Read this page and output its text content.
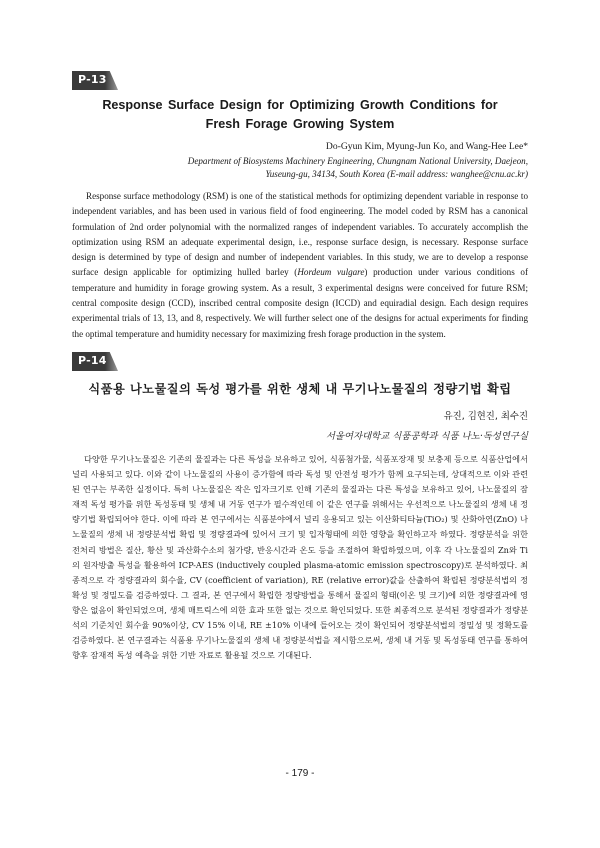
P-13
Response Surface Design for Optimizing Growth Conditions for
Fresh Forage Growing System
Do-Gyun Kim, Myung-Jun Ko, and Wang-Hee Lee*
Department of Biosystems Machinery Engineering, Chungnam National University, Daejeon,
Yuseung-gu, 34134, South Korea (E-mail address: wanghee@cnu.ac.kr)
Response surface methodology (RSM) is one of the statistical methods for optimizing dependent variable in response to independent variables, and has been used in various field of food engineering. The model coded by RSM has a canonical formulation of 2nd order polynomial with the normalized ranges of independent variables. To accurately accomplish the optimization using RSM an adequate experimental design, i.e., response surface design, is necessary. Response surface design is determined by type of design and number of independent variables. In this study, we are to develop a response surface design applicable for optimizing hulled barley (Hordeum vulgare) production under various conditions of temperature and humidity in forage growing system. As a result, 3 experimental designs were conceived for future RSM; central composite design (CCD), inscribed central composite design (ICCD) and equiradial design. Each design requires experimental trials of 13, 13, and 8, respectively. We will further select one of the designs for actual experiments for finding the optimal temperature and humidity necessary for maximizing fresh forage production in the system.
P-14
식품용 나노물질의 독성 평가를 위한 생체 내 무기나노물질의 정량기법 확립
유진, 김현진, 최수진
서울여자대학교 식품공학과 식품 나노·독성연구실
다양한 무기나노물질은 기존의 물질과는 다른 특성을 보유하고 있어, 식품첨가물, 식품포장재 및 보충제 등으로 식품산업에서 널리 사용되고 있다. 이와 같이 나노물질의 사용이 증가함에 따라 독성 및 안전성 평가가 함께 요구되는데, 상대적으로 이와 관련된 연구는 부족한 실정이다. 특히 나노물질은 작은 입자크기로 인해 기존의 물질과는 다른 특성을 보유하고 있어, 나노물질의 잠재적 독성 평가를 위한 독성동태 및 생체 내 거동 연구가 필수적인데 이 같은 연구를 위해서는 우선적으로 나노물질의 생체 내 정량기법 확립되어야 한다. 이에 따라 본 연구에서는 식품분야에서 널리 응용되고 있는 이산화티타늄(TiO₂) 및 산화아연(ZnO) 나노물질의 생체 내 정량분석법 확립 및 정량결과에 있어서 크기 및 입자형태에 의한 영향을 확인하고자 하였다. 정량분석을 위한 전처리 방법은 질산, 황산 및 과산화수소의 첨가량, 반응시간과 온도 등을 조절하여 확립하였으며, 이후 각 나노물질의 Zn와 Ti의 원자방출 특성을 활용하여 ICP-AES (inductively coupled plasma-atomic emission spectroscopy)로 분석하였다. 최종적으로 각 정량결과의 회수율, CV (coefficient of variation), RE (relative error)값을 산출하여 확립된 정량분석법의 정확성 및 정밀도를 검증하였다. 그 결과, 본 연구에서 확립한 정량방법을 통해서 물질의 형태(이온 및 크기)에 의한 정량결과에 영향은 없음이 확인되었으며, 생체 매트릭스에 의한 효과 또한 없는 것으로 확인되었다. 또한 최종적으로 분석된 정량결과가 정량분석의 기준치인 회수율 90%이상, CV 15% 이내, RE ±10% 이내에 들어오는 것이 확인되어 정량분석법의 정밀성 및 정확도를 검증하였다. 본 연구결과는 식품용 무기나노물질의 생체 내 정량분석법을 제시함으로써, 생체 내 거동 및 독성동태 연구를 통하여 향후 잠재적 독성 예측을 위한 기반 자료로 활용될 것으로 기대된다.
- 179 -
